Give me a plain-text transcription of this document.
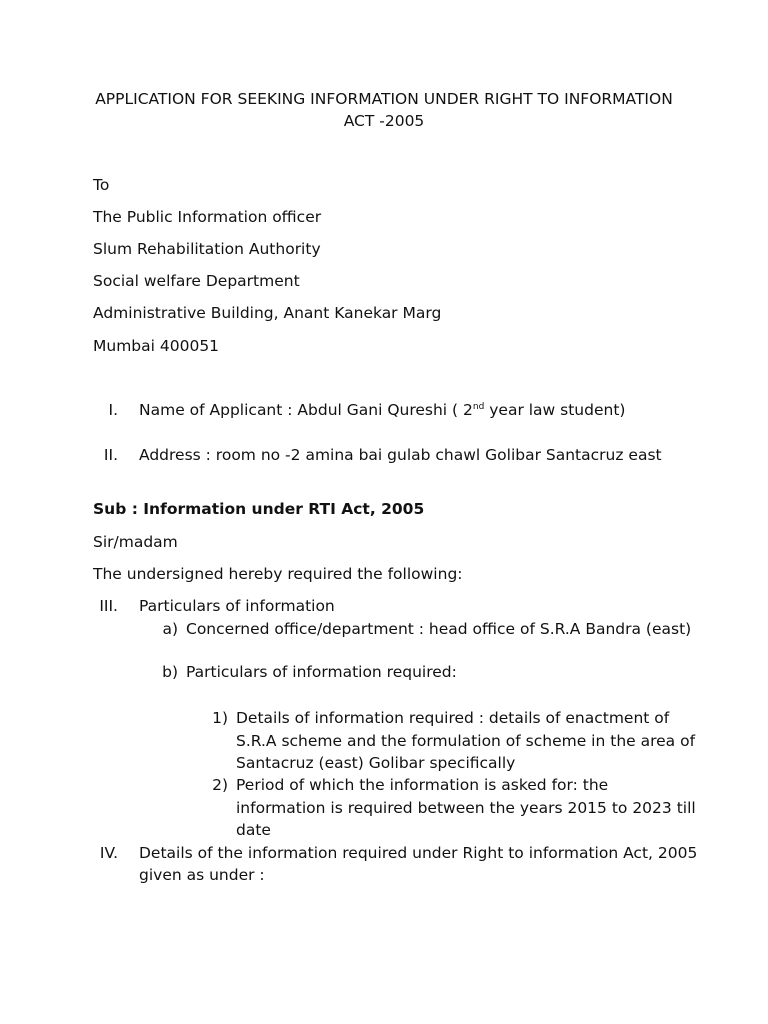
APPLICATION FOR SEEKING INFORMATION UNDER RIGHT TO INFORMATION
ACT -2005
To
The Public Information officer
Slum Rehabilitation Authority
Social welfare Department
Administrative Building, Anant Kanekar Marg
Mumbai 400051
I. Name of Applicant : Abdul Gani Qureshi ( 2nd year law student)
II. Address : room no -2 amina bai gulab chawl Golibar Santacruz east
Sub : Information under RTI Act, 2005
Sir/madam
The undersigned hereby required the following:
III. Particulars of information
a) Concerned office/department : head office of S.R.A Bandra (east)
b) Particulars of information required:
1) Details of information required : details of enactment of
S.R.A scheme and the formulation of scheme in the area of
Santacruz (east) Golibar specifically
2) Period of which the information is asked for: the
information is required between the years 2015 to 2023 till
date
IV. Details of the information required under Right to information Act, 2005
given as under :
